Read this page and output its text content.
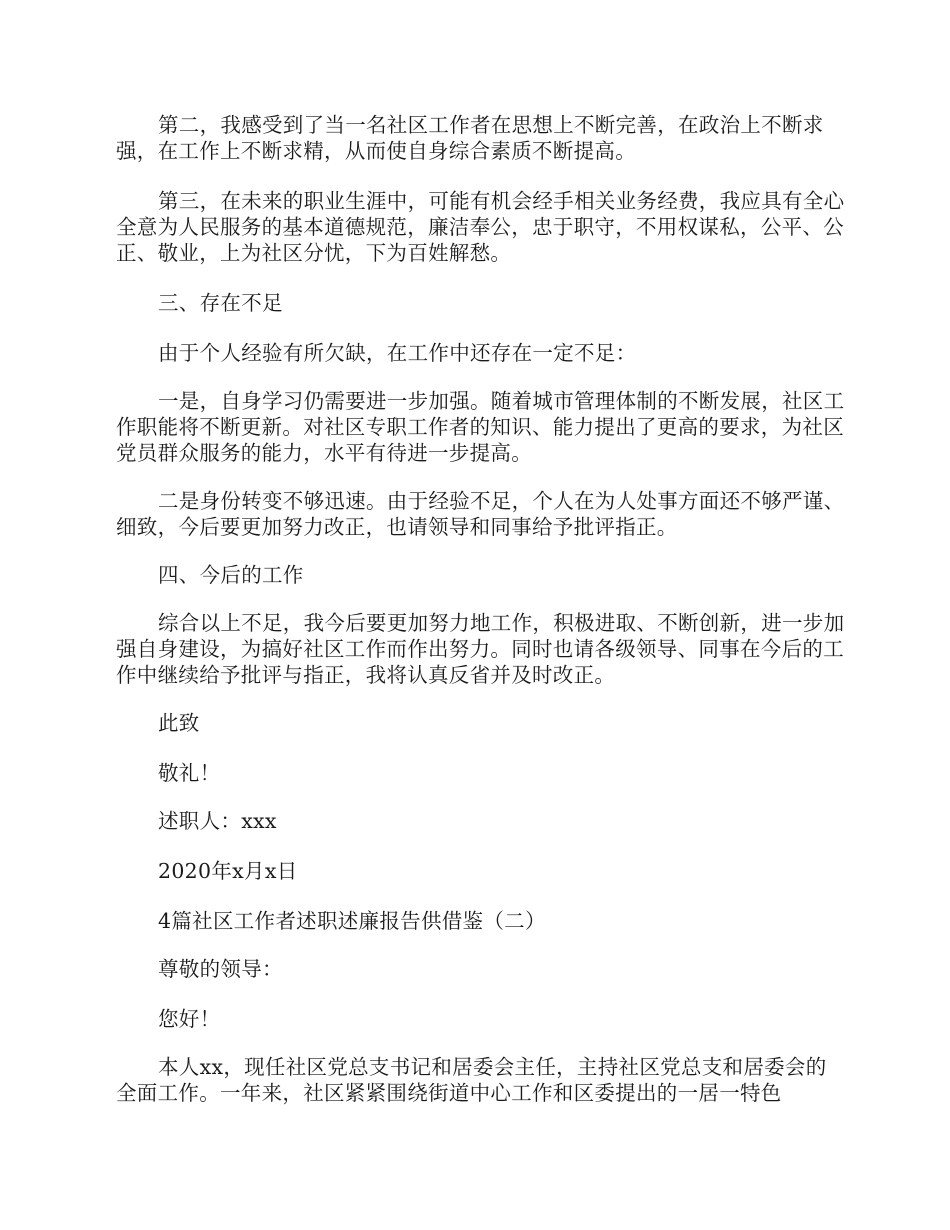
第二，我感受到了当一名社区工作者在思想上不断完善，在政治上不断求强，在工作上不断求精，从而使自身综合素质不断提高。

第三，在未来的职业生涯中，可能有机会经手相关业务经费，我应具有全心全意为人民服务的基本道德规范，廉洁奉公，忠于职守，不用权谋私，公平、公正、敬业，上为社区分忧，下为百姓解愁。

三、存在不足

由于个人经验有所欠缺，在工作中还存在一定不足：

一是，自身学习仍需要进一步加强。随着城市管理体制的不断发展，社区工作职能将不断更新。对社区专职工作者的知识、能力提出了更高的要求，为社区党员群众服务的能力，水平有待进一步提高。

二是身份转变不够迅速。由于经验不足，个人在为人处事方面还不够严谨、细致，今后要更加努力改正，也请领导和同事给予批评指正。

四、今后的工作

综合以上不足，我今后要更加努力地工作，积极进取、不断创新，进一步加强自身建设，为搞好社区工作而作出努力。同时也请各级领导、同事在今后的工作中继续给予批评与指正，我将认真反省并及时改正。

此致

敬礼！

述职人：xxx

2020年x月x日

4篇社区工作者述职述廉报告供借鉴（二）

尊敬的领导：

您好！

本人xx，现任社区党总支书记和居委会主任，主持社区党总支和居委会的全面工作。一年来，社区紧紧围绕街道中心工作和区委提出的一居一特色
